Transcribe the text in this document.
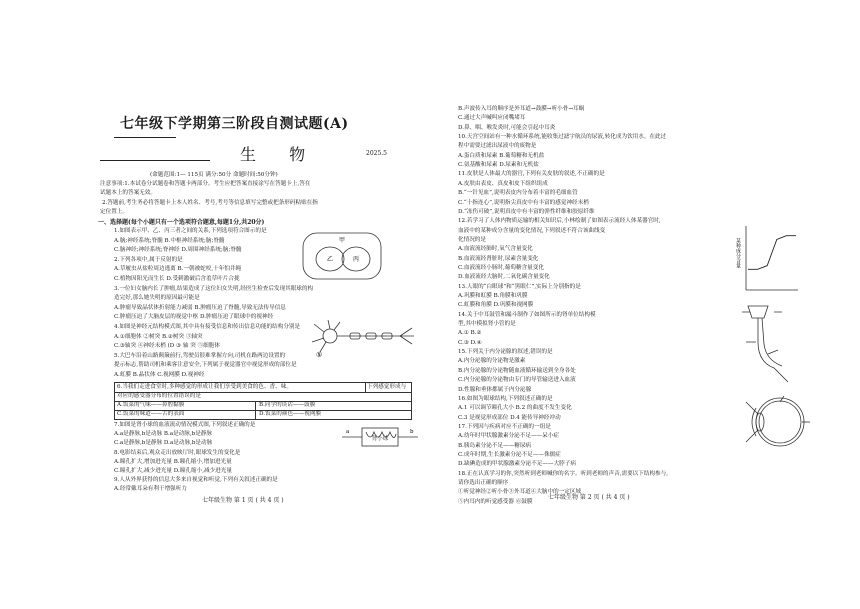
七年级下学期第三阶段自测试题(A)
生 物	2025.5
(命题范围:1— 115页 满分:50分 命题时间:50分钟)
注意事项:1.本试卷分试题卷和答题卡两部分。考生应把答案直接涂写在答题卡上,答在
试题本上的答案无效。
2.答题前,考生务必将答题卡上本人姓名、考号,考号等信息填写完整或把条形码粘贴在指
定位置上。
一、选择题(每个小题只有一个选项符合题意,每题1分,共20分)
1.如图表示甲、乙、丙三者之间的关系,下列选项符合图示的是
A.脑;神经系统;脊髓 B.中枢神经系统;脑;脊髓
C.脑神经;神经系统;脊神经 D.周围神经系统;脑;脊髓
2.下列各项中,属于反射的是
A.草履虫从盐粒周边逃离 B.一朝被蛇咬,十年怕井绳
C.植物因阳光而生长 D.受刺激破后含羞草叶片合拢
3.一位妇女脑内长了肿瘤,结果造成了这位妇女失明,经医生检查后发现其眼球的构
造完好,那么她失明的原因最可能是
A.肿瘤导致晶状体折射能力减弱 B.肿瘤压迫了脊髓,导致无法传导信息
C.肿瘤压迫了大脑皮层的视觉中枢 D.肿瘤压迫了眼球中的视神经
4.如图是神经元结构模式图,其中具有接受信息和传出信息功能的结构分别是
A.①细胞体 ②树突 B.②树突 ③轴突
C.③轴突 ④神经末梢 (D ③ 轴 突 ⑤细胞体
5.大巴车沿着山路颠簸前行,驾驶员很难掌握方向,司机在路两边设置的
提示标志,帮助司机和乘客注意安全,下列属于视觉器官中视觉形成的部位是
A.虹膜 B.晶状体 C.视网膜 D.视神经
7.如图是肾小球的血液流动情况模式图,下列叙述正确的是
A.a是静脉,b是动脉 B.a是动脉,b是静脉
C.a是静脉,b是静脉 D.a是动脉,b是动脉
8.电影结束后,观众走出放映厅时,眼球发生的变化是
A.瞳孔扩大,增加进光量 B.瞳孔缩小,增加进光量
C.瞳孔扩大,减少进光量 D.瞳孔缩小,减少进光量
9.人从外界获得的信息大多来自视觉和听觉,下列有关叙述正确的是
A.经常戴耳朵有利于增强听力
甲
乙	丙
⑤
6.当我们走进食堂时,多种感觉的形成让我们享受到美食的色、香、味。	下列感觉形成与
对应的感受器分布的位置错误的是
A.饭菜的气味——鼻腔黏膜	B.同学的谈话——鼓膜
C.饭菜的味道——舌的表面	D.饭菜的颜色——视网膜
肾小球
a	b
七年级生物 第 1 页 ( 共 4 页 )
B.声波传入耳的顺序是外耳道→鼓膜→听小骨→耳蜗
C.通过大声喊叫应闭嘴堵耳
D.鼻、咽、喉发炎时,可能会引起中耳炎
10.天宫空间站有一种水循环系统,能收集过滤宇航员的尿液,转化成为饮用水。在此过
程中需要过滤出尿液中的废物是
A.蛋白质和尿素 B.葡萄糖和无机盐
C.氨基酸和尿素 D.尿素和无机盐
11.皮肤是人体最大的器官,下列有关皮肤的叙述,不正确的是
A.皮肤由表皮、真皮和皮下组织组成
B.“一针见血”,说明表皮内分布着丰富的毛细血管
C.“十指连心”,说明指尖真皮中有丰富的感觉神经末梢
D.“冻伤可破”,说明真皮中有丰富的弹性纤维和胶原纤维
12.若学习了人体内物质运输的相关知识后,小林绘制了如图表示流经人体某器官时,
血液中的某种成分含量的变化情况,下列叙述不符合该曲线变
化情况的是
A.血液流经肺时,氧气含量变化
B.血液流经肾脏时,尿素含量变化
C.血液流经小肠时,葡萄糖含量变化
D.血液流经大脑时,二氧化碳含量变化
13.人眼的“白眼球”和“黑眼仁”,实际上分别指的是
A.巩膜和虹膜 B.角膜和巩膜
C.虹膜和角膜 D.巩膜和视网膜
14.关于中耳鼓管和漏斗制作了如图所示的肾单位结构模
型,其中模拟肾小管的是
A.① B.②
C.③ D.④
15.下列关于内分泌腺的叙述,错误的是
A.内分泌腺的分泌物是激素
B.内分泌腺的分泌物随血液循环输送到全身各处
C.内分泌腺的分泌物由专门的导管输送进入血液
D.性腺和垂体都属于内分泌腺
16.如图为眼球结构,下列叙述正确的是
A.1 可以调节瞳孔大小 B.2 的曲度不发生变化
C.3 是视觉形成部位 D.4 能传导神经冲动
17.下列因与疾病对应不正确的一组是
A.幼年时甲状腺激素分泌不足——呆小症
B.胰岛素分泌不足——糖尿病
C.成年时期,生长激素分泌不足——侏儒症
D.缺碘造成的甲状腺激素分泌不足——大脖子病
18.正在认真学习的你,突然听到老师喊你的名字。听到老师的声音,需要以下结构参与,
请你选出正确的顺序
①听觉神经②听小骨③外耳道④大脑中的一定区域
⑤内耳内的听觉感受器 ⑥鼓膜
某种成分含量
七年级生物 第 2 页 ( 共 4 页 )
